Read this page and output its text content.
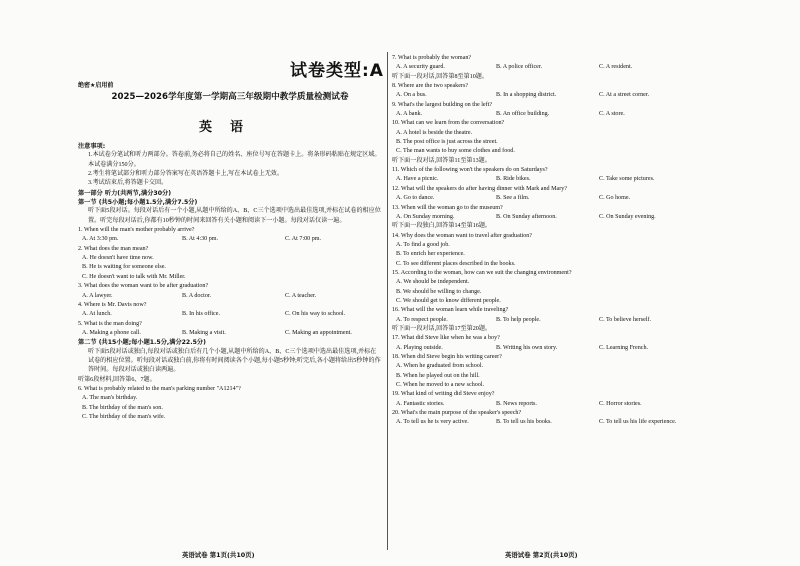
试卷类型:A
绝密★启用前
2025—2026学年度第一学期高三年级期中教学质量检测试卷
英语
注意事项:
1.本试卷分笔试和听力两部分。答卷前,务必将自己的姓名、座位号写在答题卡上。将条形码粘贴在规定区域。本试卷满分150分。
2.考生将笔试部分和听力部分答案写在英语答题卡上,写在本试卷上无效。
3.考试结束后,将答题卡交回。
第一部分 听力(共两节,满分30分)
第一节 (共5小题;每小题1.5分,满分7.5分)
听下面5段对话。每段对话后有一个小题,从题中所给的A、B、C三个选项中选出最佳选项,并标在试卷的相应位置。听完每段对话后,你都有10秒钟的时间来回答有关小题和阅读下一小题。每段对话仅读一遍。
1. When will the man's mother probably arrive?
A. At 3:30 pm.	B. At 4:30 pm.	C. At 7:00 pm.
2. What does the man mean?
A. He doesn't have time now.
B. He is waiting for someone else.
C. He doesn't want to talk with Mr. Miller.
3. What does the woman want to be after graduation?
A. A lawyer.	B. A doctor.	C. A teacher.
4. Where is Mr. Davis now?
A. At lunch.	B. In his office.	C. On his way to school.
5. What is the man doing?
A. Making a phone call.	B. Making a visit.	C. Making an appointment.
第二节 (共15小题;每小题1.5分,满分22.5分)
听下面5段对话或独白,每段对话或独白后有几个小题,从题中所给的A、B、C三个选项中选出最佳选项,并标在试卷的相应位置。听每段对话或独白前,你将有时间阅读各个小题,每小题5秒钟;听完后,各小题将给出5秒钟的作答时间。每段对话或独白读两遍。
听第6段材料,回答第6、7题。
6. What is probably related to the man's parking number "A1214"?
A. The man's birthday.
B. The birthday of the man's son.
C. The birthday of the man's wife.
7. What is probably the woman?
A. A security guard.	B. A police officer.	C. A resident.
听下面一段对话,回答第8至第10题。
8. Where are the two speakers?
A. On a bus.	B. In a shopping district.	C. At a street corner.
9. What's the largest building on the left?
A. A bank.	B. An office building.	C. A store.
10. What can we learn from the conversation?
A. A hotel is beside the theatre.
B. The post office is just across the street.
C. The man wants to buy some clothes and food.
听下面一段对话,回答第11至第13题。
11. Which of the following won't the speakers do on Saturdays?
A. Have a picnic.	B. Ride bikes.	C. Take some pictures.
12. What will the speakers do after having dinner with Mark and Mary?
A. Go to dance.	B. See a film.	C. Go home.
13. When will the woman go to the museum?
A. On Sunday morning.	B. On Sunday afternoon.	C. On Sunday evening.
听下面一段独白,回答第14至第16题。
14. Why does the woman want to travel after graduation?
A. To find a good job.
B. To enrich her experience.
C. To see different places described in the books.
15. According to the woman, how can we suit the changing environment?
A. We should be independent.
B. We should be willing to change.
C. We should get to know different people.
16. What will the woman learn while traveling?
A. To respect people.	B. To help people.	C. To believe herself.
听下面一段对话,回答第17至第20题。
17. What did Steve like when he was a boy?
A. Playing outside.	B. Writing his own story.	C. Learning French.
18. When did Steve begin his writing career?
A. When he graduated from school.
B. When he played out on the hill.
C. When he moved to a new school.
19. What kind of writing did Steve enjoy?
A. Fantastic stories.	B. News reports.	C. Horror stories.
20. What's the main purpose of the speaker's speech?
A. To tell us he is very active.	B. To tell us his books.	C. To tell us his life experience.
英语试卷 第1页(共10页)	英语试卷 第2页(共10页)
